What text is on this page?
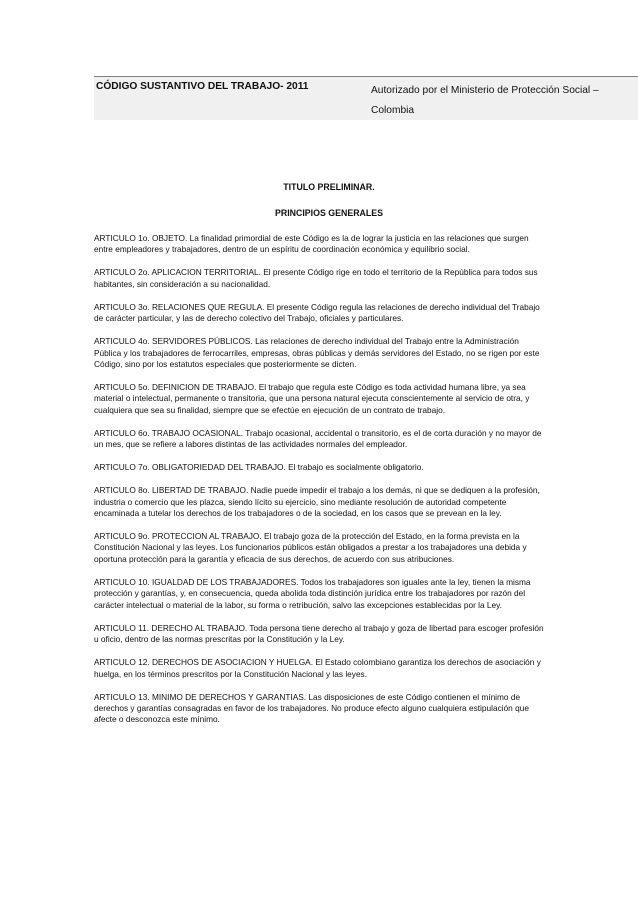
CÓDIGO SUSTANTIVO DEL TRABAJO- 2011	Autorizado por el Ministerio de Protección Social –
Colombia
TITULO PRELIMINAR.
PRINCIPIOS GENERALES

ARTICULO 1o. OBJETO. La finalidad primordial de este Código es la de lograr la justicia en las relaciones que surgen entre empleadores y trabajadores, dentro de un espíritu de coordinación económica y equilibrio social.

ARTICULO 2o. APLICACION TERRITORIAL. El presente Código rige en todo el territorio de la República para todos sus habitantes, sin consideración a su nacionalidad.

ARTICULO 3o. RELACIONES QUE REGULA. El presente Código regula las relaciones de derecho individual del Trabajo de carácter particular, y las de derecho colectivo del Trabajo, oficiales y particulares.

ARTICULO 4o. SERVIDORES PÚBLICOS. Las relaciones de derecho individual del Trabajo entre la Administración Pública y los trabajadores de ferrocarriles, empresas, obras públicas y demás servidores del Estado, no se rigen por este Código, sino por los estatutos especiales que posteriormente se dicten.

ARTICULO 5o. DEFINICION DE TRABAJO. El trabajo que regula este Código es toda actividad humana libre, ya sea material o intelectual, permanente o transitoria, que una persona natural ejecuta conscientemente al servicio de otra, y cualquiera que sea su finalidad, siempre que se efectúe en ejecución de un contrato de trabajo.

ARTICULO 6o. TRABAJO OCASIONAL. Trabajo ocasional, accidental o transitorio, es el de corta duración y no mayor de un mes, que se refiere a labores distintas de las actividades normales del empleador.

ARTICULO 7o. OBLIGATORIEDAD DEL TRABAJO. El trabajo es socialmente obligatorio.

ARTICULO 8o. LIBERTAD DE TRABAJO. Nadie puede impedir el trabajo a los demás, ni que se dediquen a la profesión, industria o comercio que les plazca, siendo lícito su ejercicio, sino mediante resolución de autoridad competente encaminada a tutelar los derechos de los trabajadores o de la sociedad, en los casos que se prevean en la ley.

ARTICULO 9o. PROTECCION AL TRABAJO. El trabajo goza de la protección del Estado, en la forma prevista en la Constitución Nacional y las leyes. Los funcionarios públicos están obligados a prestar a los trabajadores una debida y oportuna protección para la garantía y eficacia de sus derechos, de acuerdo con sus atribuciones.

ARTICULO 10. IGUALDAD DE LOS TRABAJADORES. Todos los trabajadores son iguales ante la ley, tienen la misma protección y garantías, y, en consecuencia, queda abolida toda distinción jurídica entre los trabajadores por razón del carácter intelectual o material de la labor, su forma o retribución, salvo las excepciones establecidas por la Ley.

ARTICULO 11. DERECHO AL TRABAJO. Toda persona tiene derecho al trabajo y goza de libertad para escoger profesión u oficio, dentro de las normas prescritas por la Constitución y la Ley.

ARTICULO 12. DERECHOS DE ASOCIACION Y HUELGA. El Estado colombiano garantiza los derechos de asociación y huelga, en los términos prescritos por la Constitución Nacional y las leyes.

ARTICULO 13. MINIMO DE DERECHOS Y GARANTIAS. Las disposiciones de este Código contienen el mínimo de derechos y garantías consagradas en favor de los trabajadores. No produce efecto alguno cualquiera estipulación que afecte o desconozca este mínimo.
